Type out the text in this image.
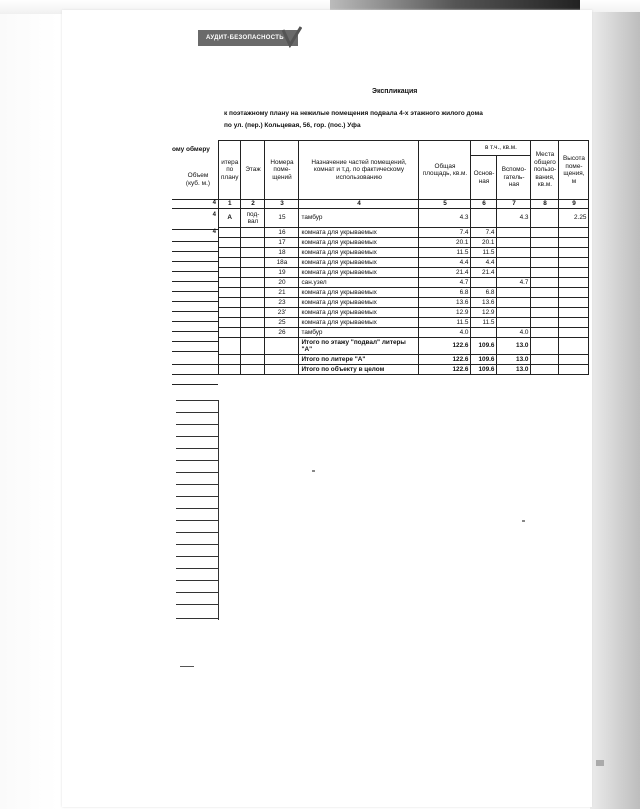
АУДИТ-БЕЗОПАСНОСТЬ
Экспликация
к поэтажному плану на нежилые помещения подвала 4-х этажного жилого дома
по ул. (пер.) Кольцевая, 56, гор. (пос.) Уфа
ому обмеру
Объем
(куб. м.)
4
4
4
итера по плану	Этаж	Номера поме-щений	Назначение частей помещений, комнат и т.д. по фактическому использованию	Общая площадь, кв.м.	в т.ч., кв.м.		Места общего пользо-вания, кв.м.	Высота поме-щения, м
					Основ-ная	Вспомо-гатель-ная		
1	2	3	4	5	6	7	8	9
А	под-вал	15	тамбур	4.3		4.3		2.25
		16	комната для укрываемых	7.4	7.4			
		17	комната для укрываемых	20.1	20.1			
		18	комната для укрываемых	11.5	11.5			
		18а	комната для укрываемых	4.4	4.4			
		19	комната для укрываемых	21.4	21.4			
		20	сан.узел	4.7		4.7		
		21	комната для укрываемых	6.8	6.8			
		23	комната для укрываемых	13.6	13.6			
		23'	комната для укрываемых	12.9	12.9			
		25	комната для укрываемых	11.5	11.5			
		26	тамбур	4.0		4.0		
			Итого по этажу "подвал" литеры "А"	122.6	109.6	13.0		
			Итого по литере "А"	122.6	109.6	13.0		
			Итого по объекту в целом	122.6	109.6	13.0		
